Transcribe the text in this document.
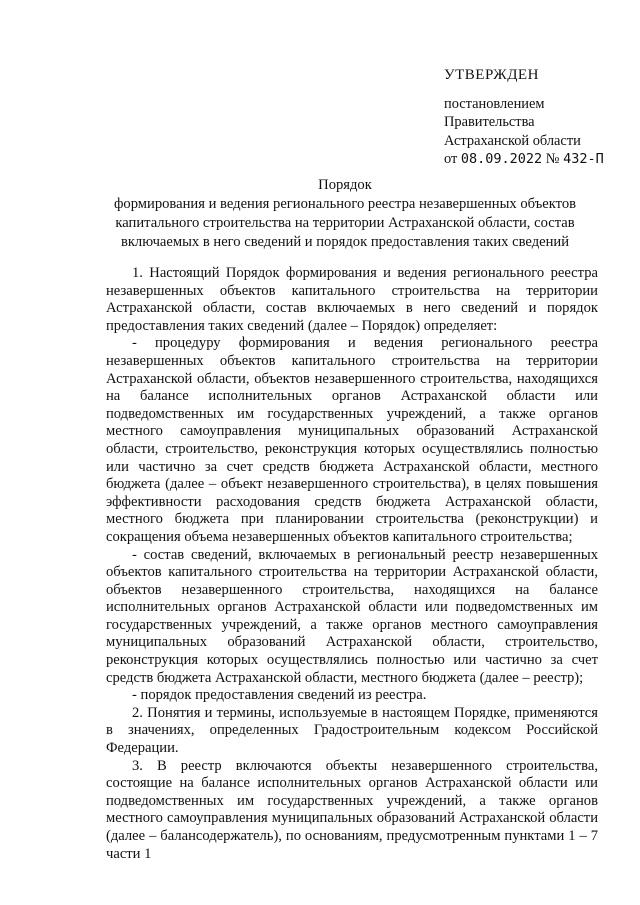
УТВЕРЖДЕН
постановлением
Правительства
Астраханской области
от 08.09.2022 № 432-П
Порядок
формирования и ведения регионального реестра незавершенных объектов
капитального строительства на территории Астраханской области, состав
включаемых в него сведений и порядок предоставления таких сведений

1. Настоящий Порядок формирования и ведения регионального реестра незавершенных объектов капитального строительства на территории Астраханской области, состав включаемых в него сведений и порядок предоставления таких сведений (далее – Порядок) определяет:

- процедуру формирования и ведения регионального реестра незавершенных объектов капитального строительства на территории Астраханской области, объектов незавершенного строительства, находящихся на балансе исполнительных органов Астраханской области или подведомственных им государственных учреждений, а также органов местного самоуправления муниципальных образований Астраханской области, строительство, реконструкция которых осуществлялись полностью или частично за счет средств бюджета Астраханской области, местного бюджета (далее – объект незавершенного строительства), в целях повышения эффективности расходования средств бюджета Астраханской области, местного бюджета при планировании строительства (реконструкции) и сокращения объема незавершенных объектов капитального строительства;

- состав сведений, включаемых в региональный реестр незавершенных объектов капитального строительства на территории Астраханской области, объектов незавершенного строительства, находящихся на балансе исполнительных органов Астраханской области или подведомственных им государственных учреждений, а также органов местного самоуправления муниципальных образований Астраханской области, строительство, реконструкция которых осуществлялись полностью или частично за счет средств бюджета Астраханской области, местного бюджета (далее – реестр);

- порядок предоставления сведений из реестра.

2. Понятия и термины, используемые в настоящем Порядке, применяются в значениях, определенных Градостроительным кодексом Российской Федерации.

3. В реестр включаются объекты незавершенного строительства, состоящие на балансе исполнительных органов Астраханской области или подведомственных им государственных учреждений, а также органов местного самоуправления муниципальных образований Астраханской области (далее – балансодержатель), по основаниям, предусмотренным пунктами 1 – 7 части 1
